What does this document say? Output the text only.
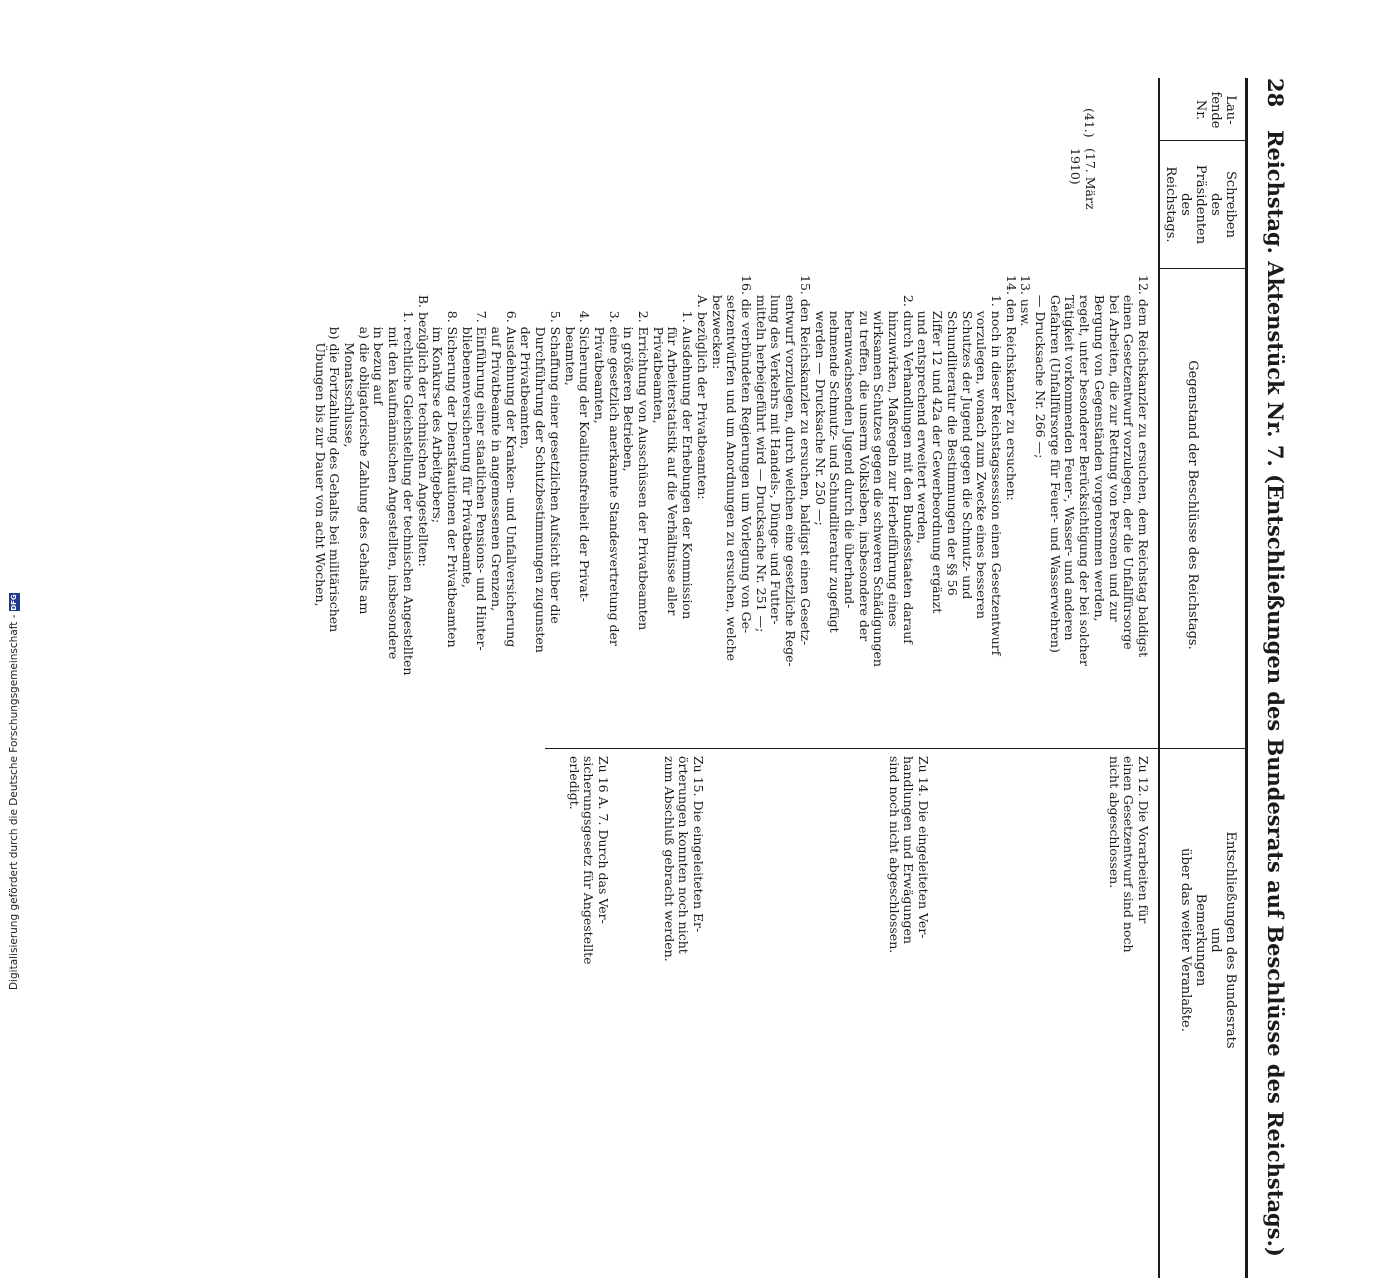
28
Reichstag. Aktenstück Nr. 7. (Entschließungen des Bundesrats auf Beschlüsse des Reichstags.)
Lau-
fende
Nr.
Schreiben
des
Präsidenten
des
Reichstags.
Gegenstand der Beschlüsse des Reichstags.
Entschließungen des Bundesrats
und
Bemerkungen
über das weiter Veranlaßte.
(41.)
(17. März
1910)
12. dem Reichskanzler zu ersuchen, dem Reichstag baldigst
einen Gesetzentwurf vorzulegen, der die Unfallfürsorge
bei Arbeiten, die zur Rettung von Personen und zur
Bergung von Gegenständen vorgenommen werden,
regelt, unter besonderer Berücksichtigung der bei solcher
Tätigkeit vorkommenden Feuer-, Wasser- und anderen
Gefahren (Unfallfürsorge für Feuer- und Wasserwehren)
— Drucksache Nr. 266 —;
13. usw.
14. den Reichskanzler zu ersuchen:
1. noch in dieser Reichstagssession einen Gesetzentwurf
vorzulegen, wonach zum Zwecke eines besseren
Schutzes der Jugend gegen die Schmutz- und
Schundliteratur die Bestimmungen der §§ 56
Ziffer 12 und 42a der Gewerbeordnung ergänzt
und entsprechend erweitert werden,
2. durch Verhandlungen mit den Bundesstaaten darauf
hinzuwirken, Maßregeln zur Herbeiführung eines
wirksamen Schutzes gegen die schweren Schädigungen
zu treffen, die unserm Volksleben, insbesondere der
heranwachsenden Jugend durch die überhand-
nehmende Schmutz- und Schundliteratur zugefügt
werden — Drucksache Nr. 250 —;
15. den Reichskanzler zu ersuchen, baldigst einen Gesetz-
entwurf vorzulegen, durch welchen eine gesetzliche Rege-
lung des Verkehrs mit Handels-, Dünge- und Futter-
mitteln herbeigeführt wird — Drucksache Nr. 251 —;
16. die verbündeten Regierungen um Vorlegung von Ge-
setzentwürfen und um Anordnungen zu ersuchen, welche
bezwecken:
A. bezüglich der Privatbeamten:
1. Ausdehnung der Erhebungen der Kommission
für Arbeiterstatistik auf die Verhältnisse aller
Privatbeamten,
2. Errichtung von Ausschüssen der Privatbeamten
in größeren Betrieben,
3. eine gesetzlich anerkannte Standesvertretung der
Privatbeamten,
4. Sicherung der Koalitionsfreiheit der Privat-
beamten,
5. Schaffung einer gesetzlichen Aufsicht über die
Durchführung der Schutzbestimmungen zugunsten
der Privatbeamten,
6. Ausdehnung der Kranken- und Unfallversicherung
auf Privatbeamte in angemessenen Grenzen,
7. Einführung einer staatlichen Pensions- und Hinter-
bliebenenversicherung für Privatbeamte,
8. Sicherung der Dienstkautionen der Privatbeamten
im Konkurse des Arbeitgebers;
B. bezüglich der technischen Angestellten:
1. rechtliche Gleichstellung der technischen Angestellten
mit den kaufmännischen Angestellten, insbesondere
in bezug auf
a) die obligatorische Zahlung des Gehalts am
Monatsschlusse,
b) die Fortzahlung des Gehalts bei militärischen
Übungen bis zur Dauer von acht Wochen,
Zu 12. Die Vorarbeiten für
einen Gesetzentwurf sind noch
nicht abgeschlossen.
Zu 14. Die eingeleiteten Ver-
handlungen und Erwägungen
sind noch nicht abgeschlossen.
Zu 15. Die eingeleiteten Er-
örterungen konnten noch nicht
zum Abschluß gebracht werden.
Zu 16 A. 7. Durch das Ver-
sicherungsgesetz für Angestellte
erledigt.
Digitalisierung gefördert durch die Deutsche Forschungsgemeinschaft -
DFG
